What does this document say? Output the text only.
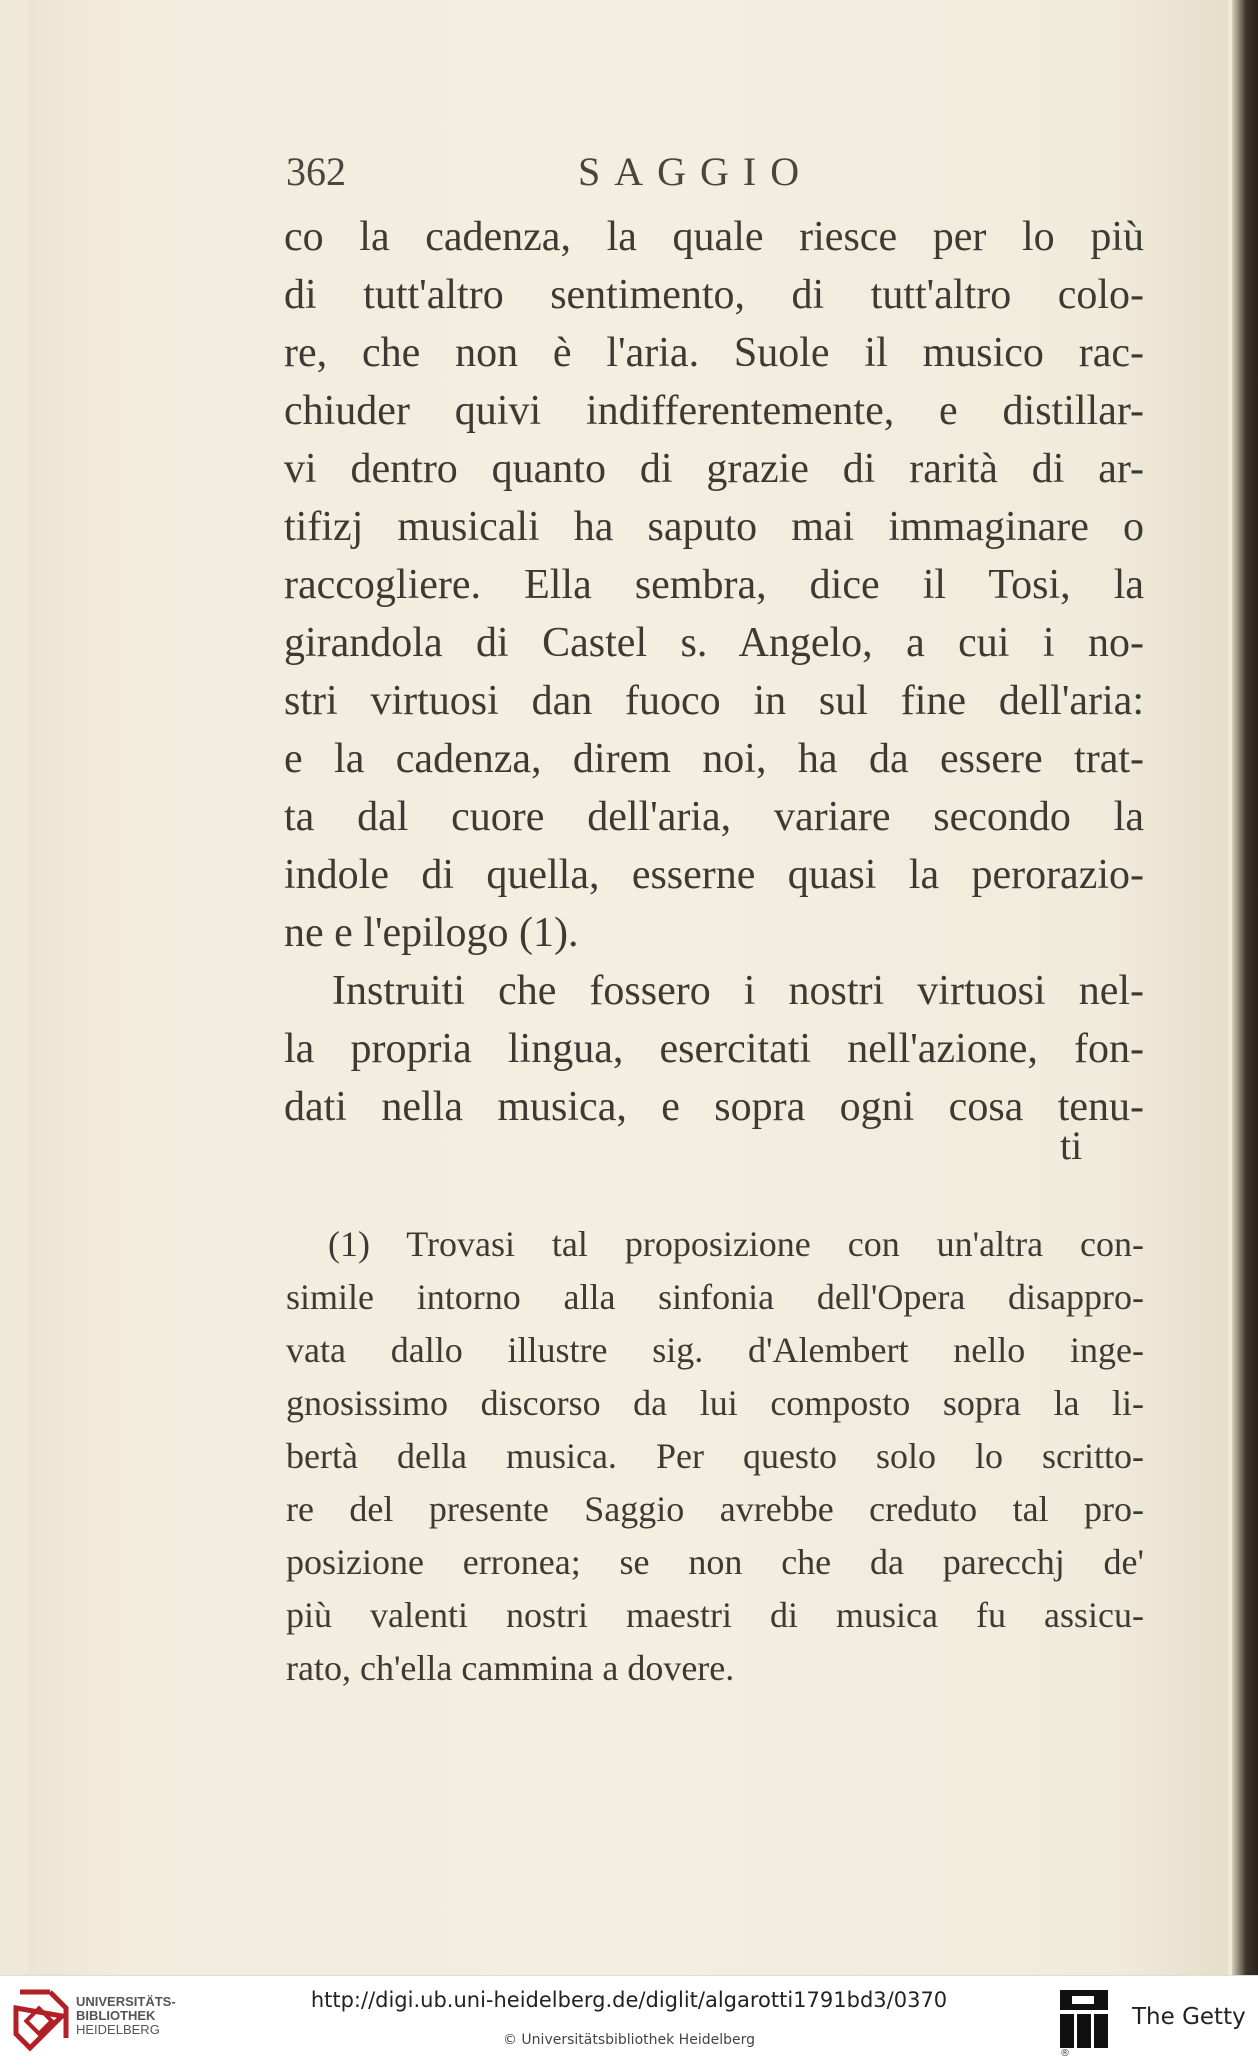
362	SAGGIO
co la cadenza, la quale riesce per lo più
di tutt'altro sentimento, di tutt'altro colo-
re, che non è l'aria. Suole il musico rac-
chiuder quivi indifferentemente, e distillar-
vi dentro quanto di grazie di rarità di ar-
tifizj musicali ha saputo mai immaginare o
raccogliere. Ella sembra, dice il Tosi, la
girandola di Castel s. Angelo, a cui i no-
stri virtuosi dan fuoco in sul fine dell'aria:
e la cadenza, direm noi, ha da essere trat-
ta dal cuore dell'aria, variare secondo la
indole di quella, esserne quasi la perorazio-
ne e l'epilogo (1).
Instruiti che fossero i nostri virtuosi nel-
la propria lingua, esercitati nell'azione, fon-
dati nella musica, e sopra ogni cosa tenu-
ti
(1) Trovasi tal proposizione con un'altra con-
simile intorno alla sinfonia dell'Opera disappro-
vata dallo illustre sig. d'Alembert nello inge-
gnosissimo discorso da lui composto sopra la li-
bertà della musica. Per questo solo lo scritto-
re del presente Saggio avrebbe creduto tal pro-
posizione erronea; se non che da parecchj de'
più valenti nostri maestri di musica fu assicu-
rato, ch'ella cammina a dovere.
UNIVERSITÄTS-
BIBLIOTHEK
HEIDELBERG
http://digi.ub.uni-heidelberg.de/diglit/algarotti1791bd3/0370
© Universitätsbibliothek Heidelberg
The Getty
®
